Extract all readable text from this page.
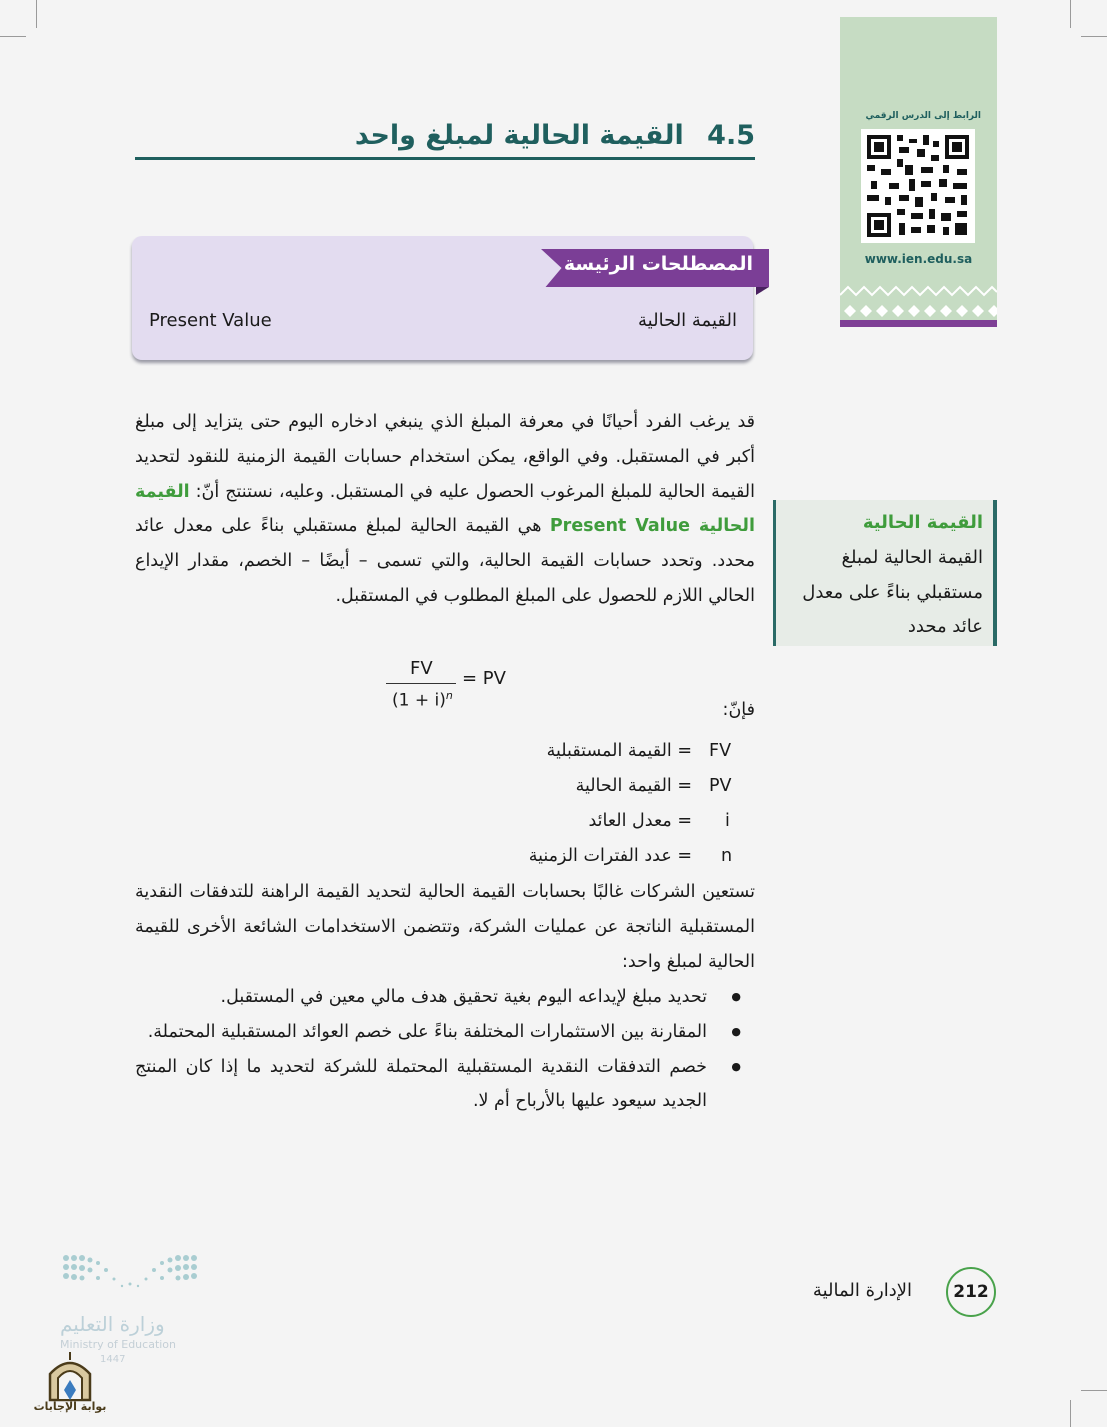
4.5 القيمة الحالية لمبلغ واحد
الرابط إلى الدرس الرقمي
www.ien.edu.sa
المصطلحات الرئيسة
القيمة الحالية
Present Value
قد يرغب الفرد أحيانًا في معرفة المبلغ الذي ينبغي ادخاره اليوم حتى يتزايد إلى مبلغ أكبر في المستقبل. وفي الواقع، يمكن استخدام حسابات القيمة الزمنية للنقود لتحديد القيمة الحالية للمبلغ المرغوب الحصول عليه في المستقبل. وعليه، نستنتج أنّ: القيمة الحالية Present Value هي القيمة الحالية لمبلغ مستقبلي بناءً على معدل عائد محدد. وتحدد حسابات القيمة الحالية، والتي تسمى – أيضًا – الخصم، مقدار الإيداع الحالي اللازم للحصول على المبلغ المطلوب في المستقبل.
القيمة الحالية
القيمة الحالية لمبلغ مستقبلي بناءً على معدل عائد محدد
FV
$(1 + i)^n$
= PV
فإنّ:
FV
= القيمة المستقبلية
PV
= القيمة الحالية
i
= معدل العائد
n
= عدد الفترات الزمنية
تستعين الشركات غالبًا بحسابات القيمة الحالية لتحديد القيمة الراهنة للتدفقات النقدية المستقبلية الناتجة عن عمليات الشركة، وتتضمن الاستخدامات الشائعة الأخرى للقيمة الحالية لمبلغ واحد:
● تحديد مبلغ لإيداعه اليوم بغية تحقيق هدف مالي معين في المستقبل.
● المقارنة بين الاستثمارات المختلفة بناءً على خصم العوائد المستقبلية المحتملة.
● خصم التدفقات النقدية المستقبلية المحتملة للشركة لتحديد ما إذا كان المنتج الجديد سيعود عليها بالأرباح أم لا.
212
الإدارة المالية
وزارة التعليم
Ministry of Education
1447
بوابة الإجابات
